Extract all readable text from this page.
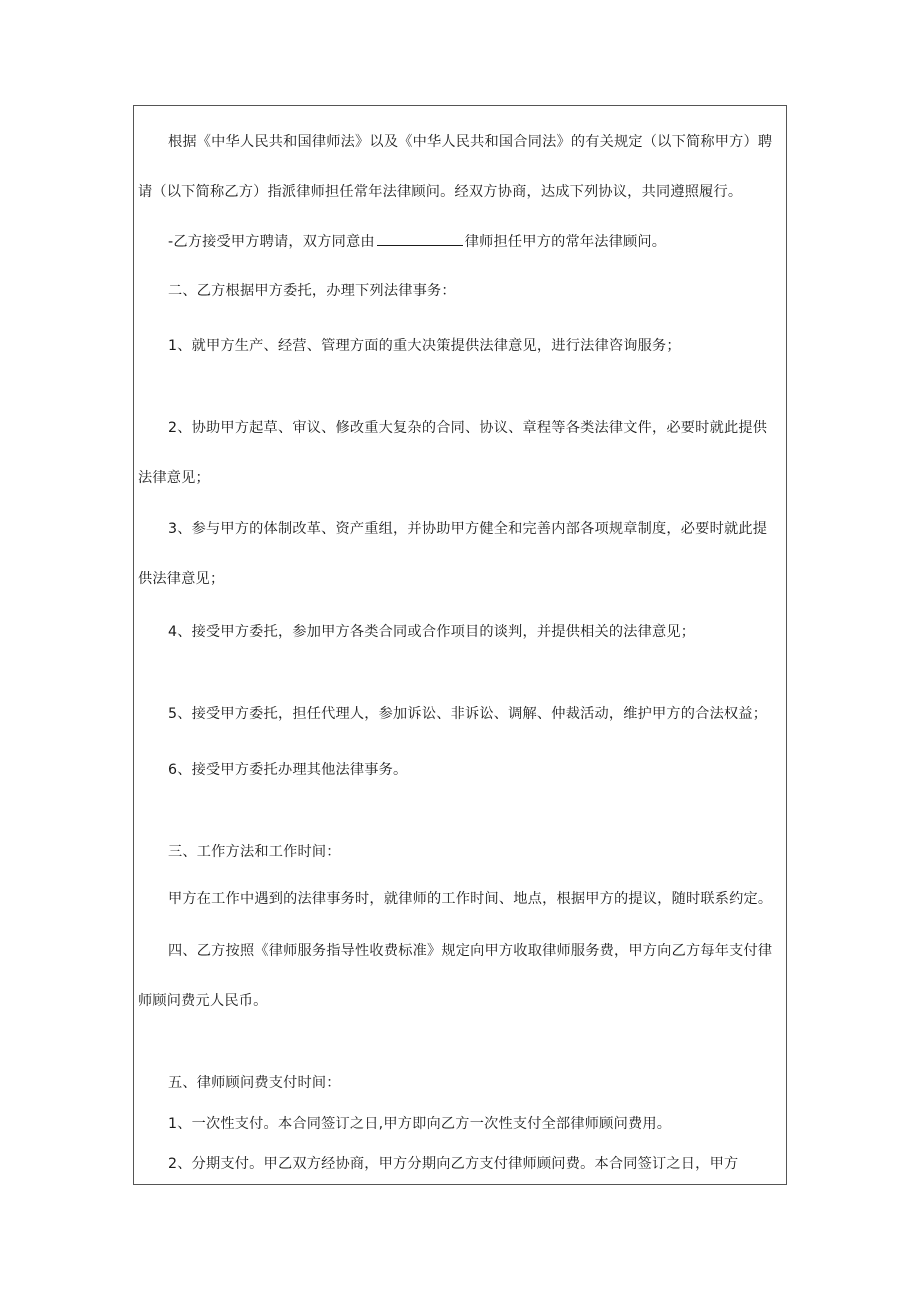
根据《中华人民共和国律师法》以及《中华人民共和国合同法》的有关规定（以下简称甲方）聘
请（以下简称乙方）指派律师担任常年法律顾问。经双方协商，达成下列协议，共同遵照履行。
-乙方接受甲方聘请，双方同意由	律师担任甲方的常年法律顾问。
二、乙方根据甲方委托，办理下列法律事务：
1、就甲方生产、经营、管理方面的重大决策提供法律意见，进行法律咨询服务；
2、协助甲方起草、审议、修改重大复杂的合同、协议、章程等各类法律文件，必要时就此提供
法律意见；
3、参与甲方的体制改革、资产重组，并协助甲方健全和完善内部各项规章制度，必要时就此提
供法律意见；
4、接受甲方委托，参加甲方各类合同或合作项目的谈判，并提供相关的法律意见；
5、接受甲方委托，担任代理人，参加诉讼、非诉讼、调解、仲裁活动，维护甲方的合法权益；
6、接受甲方委托办理其他法律事务。
三、工作方法和工作时间：
甲方在工作中遇到的法律事务时，就律师的工作时间、地点，根据甲方的提议，随时联系约定。
四、乙方按照《律师服务指导性收费标准》规定向甲方收取律师服务费，甲方向乙方每年支付律
师顾问费元人民币。
五、律师顾问费支付时间：
1、一次性支付。本合同签订之日,甲方即向乙方一次性支付全部律师顾问费用。
2、分期支付。甲乙双方经协商，甲方分期向乙方支付律师顾问费。本合同签订之日，甲方
